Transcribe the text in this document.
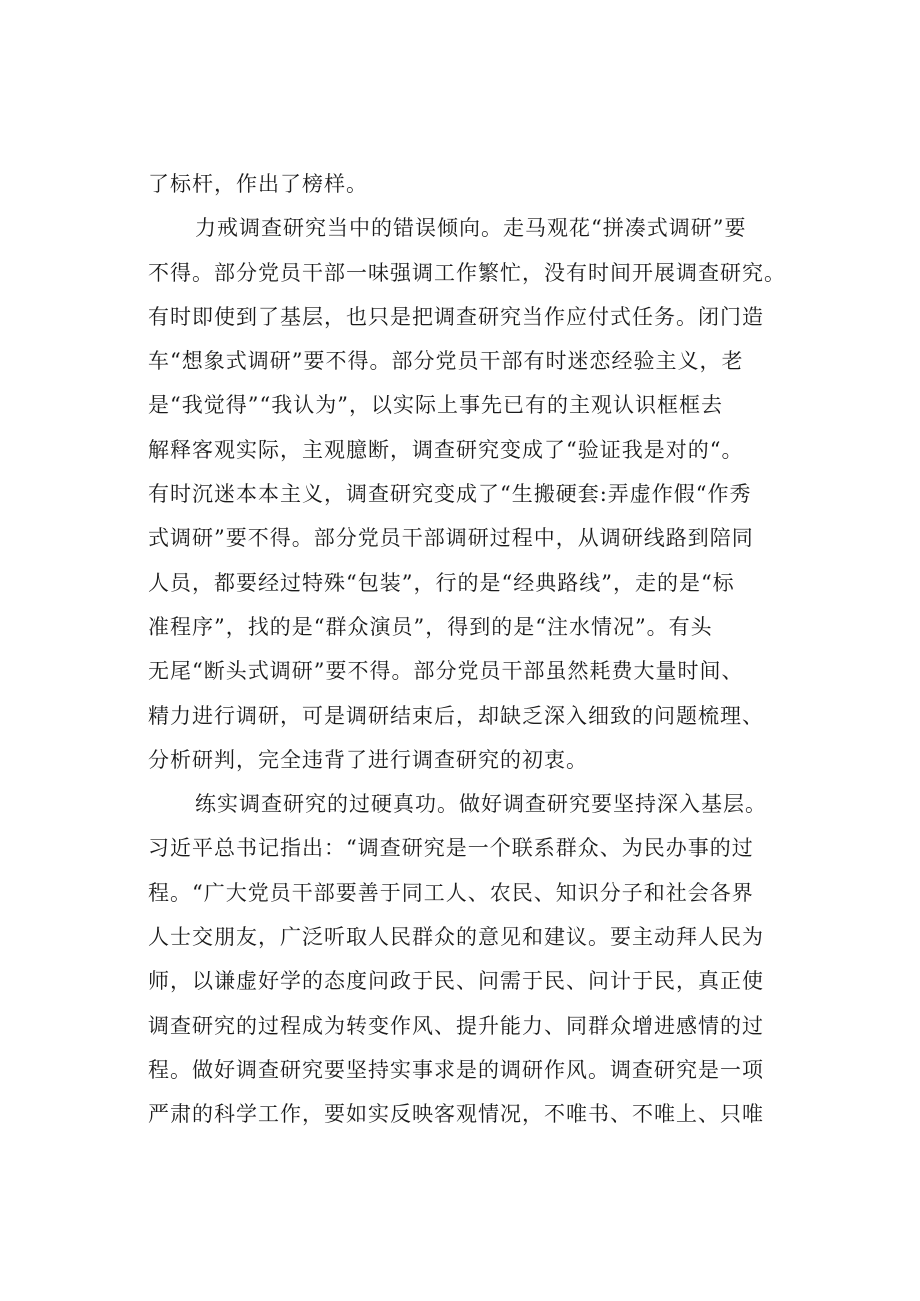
了标杆，作出了榜样。
力戒调查研究当中的错误倾向。走马观花“拼凑式调研”要
不得。部分党员干部一味强调工作繁忙，没有时间开展调查研究。
有时即使到了基层，也只是把调查研究当作应付式任务。闭门造
车“想象式调研”要不得。部分党员干部有时迷恋经验主义，老
是“我觉得”“我认为”，以实际上事先已有的主观认识框框去
解释客观实际，主观臆断，调查研究变成了“验证我是对的“。
有时沉迷本本主义，调查研究变成了“生搬硬套:弄虚作假“作秀
式调研”要不得。部分党员干部调研过程中，从调研线路到陪同
人员，都要经过特殊“包装”，行的是“经典路线”，走的是“标
准程序”，找的是“群众演员”，得到的是“注水情况”。有头
无尾“断头式调研”要不得。部分党员干部虽然耗费大量时间、
精力进行调研，可是调研结束后，却缺乏深入细致的问题梳理、
分析研判，完全违背了进行调查研究的初衷。
练实调查研究的过硬真功。做好调查研究要坚持深入基层。
习近平总书记指出：“调查研究是一个联系群众、为民办事的过
程。“广大党员干部要善于同工人、农民、知识分子和社会各界
人士交朋友，广泛听取人民群众的意见和建议。要主动拜人民为
师，以谦虚好学的态度问政于民、问需于民、问计于民，真正使
调查研究的过程成为转变作风、提升能力、同群众增进感情的过
程。做好调查研究要坚持实事求是的调研作风。调查研究是一项
严肃的科学工作，要如实反映客观情况，不唯书、不唯上、只唯
